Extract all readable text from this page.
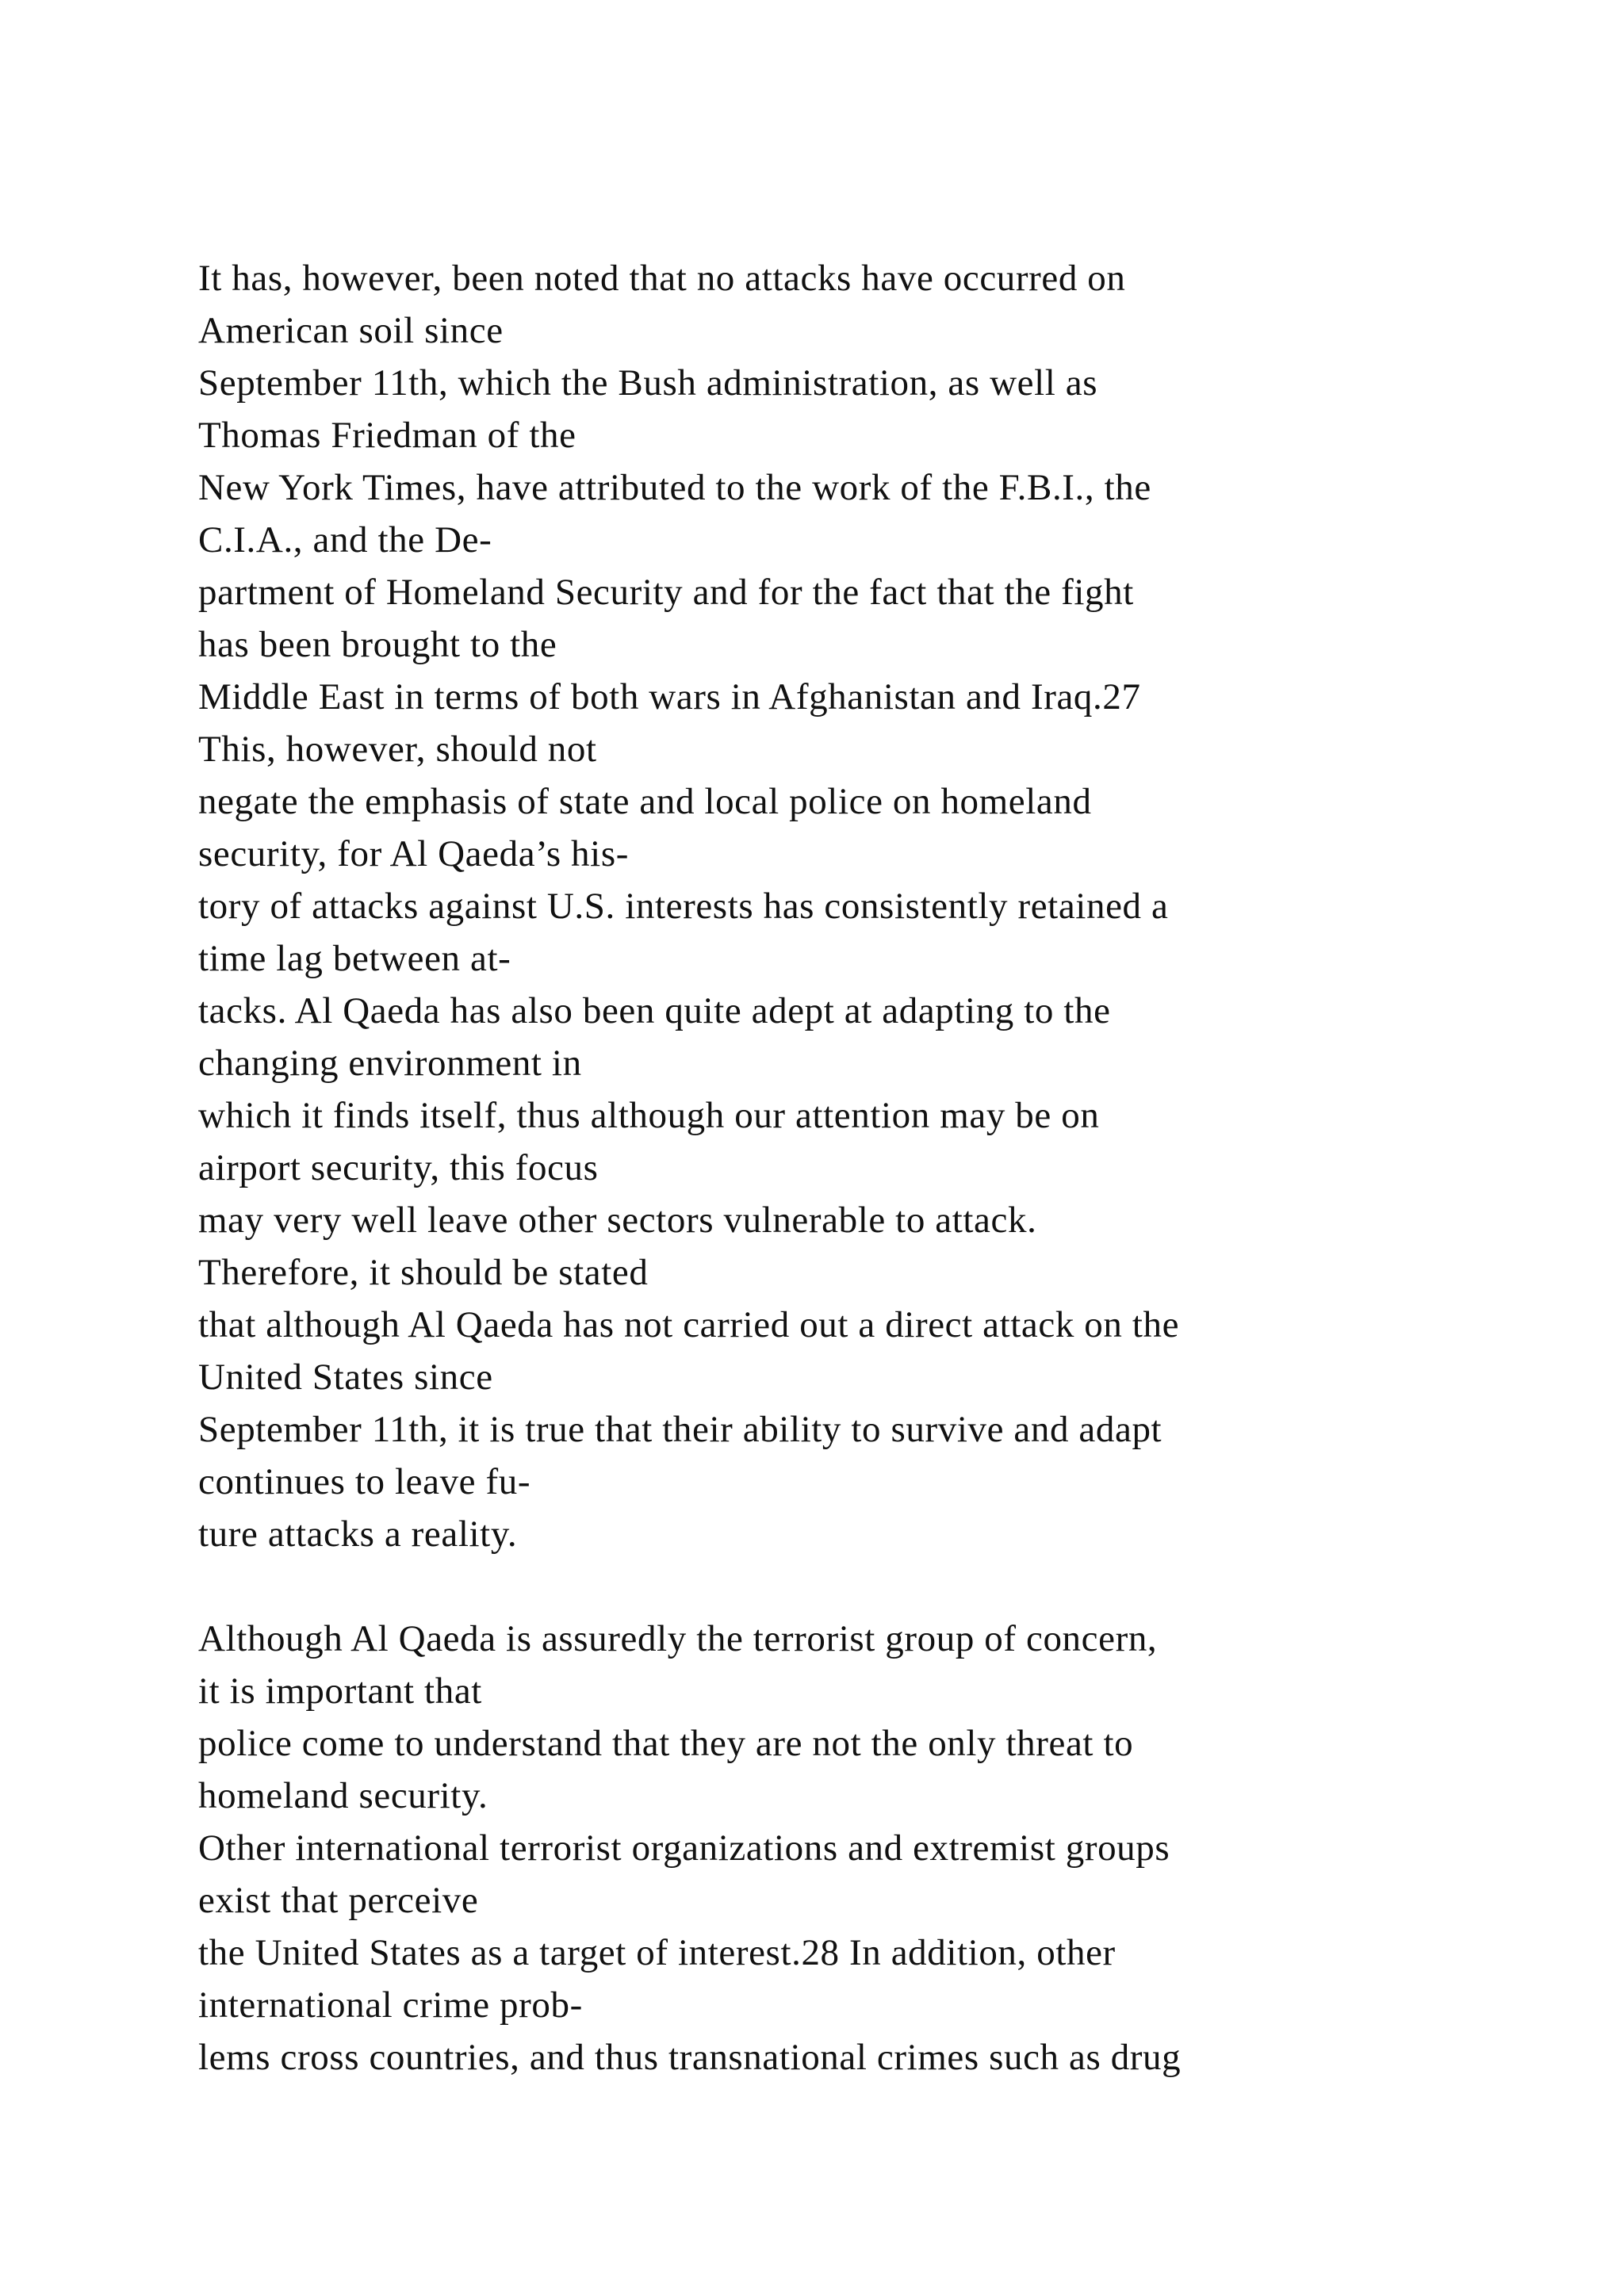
It has, however, been noted that no attacks have occurred on
American soil since
September 11th, which the Bush administration, as well as
Thomas Friedman of the
New York Times, have attributed to the work of the F.B.I., the
C.I.A., and the De-
partment of Homeland Security and for the fact that the fight
has been brought to the
Middle East in terms of both wars in Afghanistan and Iraq.27
This, however, should not
negate the emphasis of state and local police on homeland
security, for Al Qaeda’s his-
tory of attacks against U.S. interests has consistently retained a
time lag between at-
tacks. Al Qaeda has also been quite adept at adapting to the
changing environment in
which it finds itself, thus although our attention may be on
airport security, this focus
may very well leave other sectors vulnerable to attack.
Therefore, it should be stated
that although Al Qaeda has not carried out a direct attack on the
United States since
September 11th, it is true that their ability to survive and adapt
continues to leave fu-
ture attacks a reality.
Although Al Qaeda is assuredly the terrorist group of concern,
it is important that
police come to understand that they are not the only threat to
homeland security.
Other international terrorist organizations and extremist groups
exist that perceive
the United States as a target of interest.28 In addition, other
international crime prob-
lems cross countries, and thus transnational crimes such as drug
